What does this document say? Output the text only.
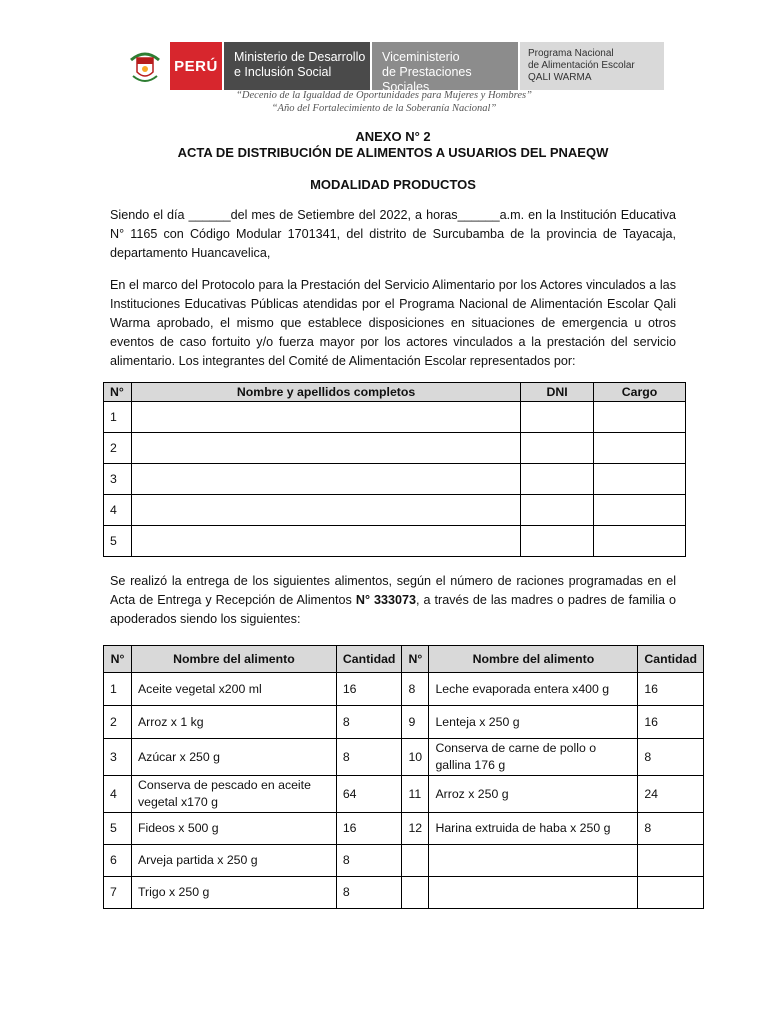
PERÚ
Ministerio de Desarrollo
e Inclusión Social
Viceministerio
de Prestaciones Sociales
Programa Nacional
de Alimentación Escolar
QALI WARMA
“Decenio de la Igualdad de Oportunidades para Mujeres y Hombres”
“Año del Fortalecimiento de la Soberanía Nacional”
ANEXO N° 2
ACTA DE DISTRIBUCIÓN DE ALIMENTOS A USUARIOS DEL PNAEQW
MODALIDAD PRODUCTOS

Siendo el día ______del mes de Setiembre del 2022, a horas______a.m. en la Institución Educativa N° 1165 con Código Modular 1701341, del distrito de Surcubamba de la provincia de Tayacaja, departamento Huancavelica,

En el marco del Protocolo para la Prestación del Servicio Alimentario por los Actores vinculados a las Instituciones Educativas Públicas atendidas por el Programa Nacional de Alimentación Escolar Qali Warma aprobado, el mismo que establece disposiciones en situaciones de emergencia u otros eventos de caso fortuito y/o fuerza mayor por los actores vinculados a la prestación del servicio alimentario. Los integrantes del Comité de Alimentación Escolar representados por:

N°	Nombre y apellidos completos	DNI	Cargo
1			
2			
3			
4			
5			

Se realizó la entrega de los siguientes alimentos, según el número de raciones programadas en el Acta de Entrega y Recepción de Alimentos N° 333073, a través de las madres o padres de familia o apoderados siendo los siguientes:

N°	Nombre del alimento	Cantidad	N°	Nombre del alimento	Cantidad
1	Aceite vegetal x200 ml	16	8	Leche evaporada entera x400 g	16
2	Arroz x 1 kg	8	9	Lenteja x 250 g	16
3	Azúcar x 250 g	8	10	Conserva de carne de pollo o gallina 176 g	8
4	Conserva de pescado en aceite vegetal x170 g	64	11	Arroz x 250 g	24
5	Fideos x 500 g	16	12	Harina extruida de haba x 250 g	8
6	Arveja partida x 250 g	8			
7	Trigo x 250 g	8			
